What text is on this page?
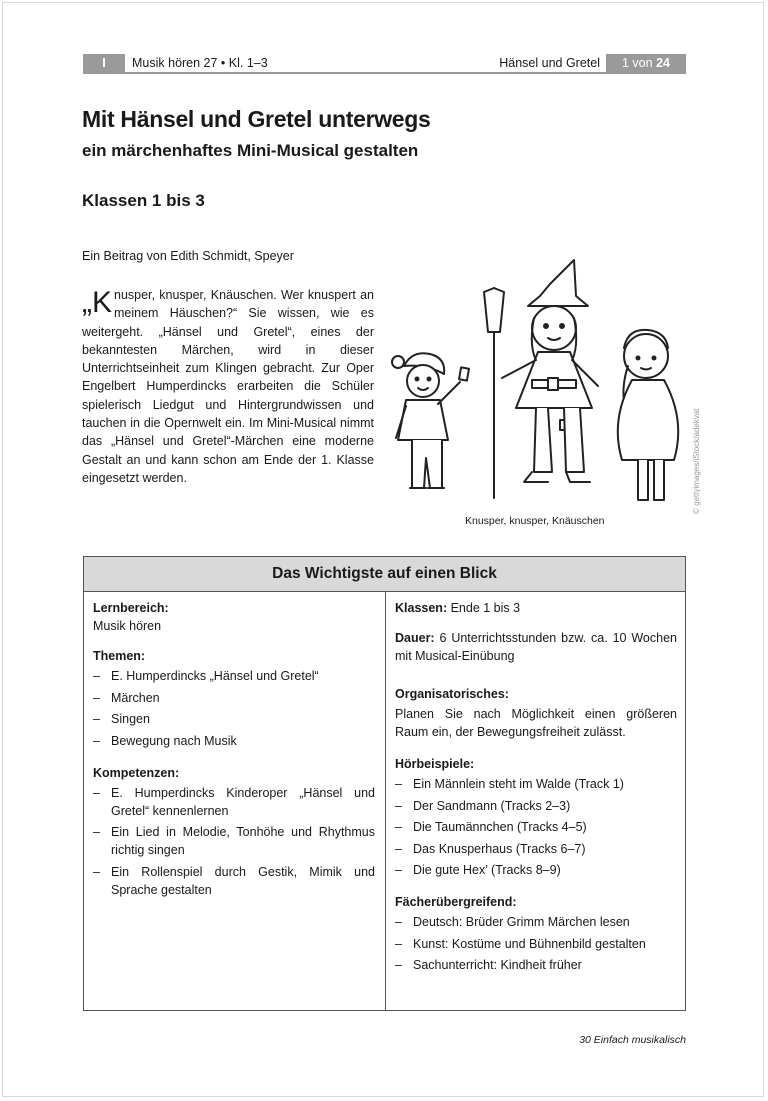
I	Musik hören 27 • Kl. 1–3	Hänsel und Gretel	1 von 24
Mit Hänsel und Gretel unterwegs
ein märchenhaftes Mini-Musical gestalten
Klassen 1 bis 3
Ein Beitrag von Edith Schmidt, Speyer
„Knusper, knusper, Knäuschen. Wer knuspert an meinem Häuschen?“ Sie wissen, wie es weitergeht. „Hänsel und Gretel“, eines der bekanntesten Märchen, wird in dieser Unterrichtseinheit zum Klingen gebracht. Zur Oper Engelbert Humperdincks erarbeiten die Schüler spielerisch Liedgut und Hintergrundwissen und tauchen in die Opernwelt ein. Im Mini-Musical nimmt das „Hänsel und Gretel“-Märchen eine moderne Gestalt an und kann schon am Ende der 1. Klasse eingesetzt werden.	© gettyimages/iStock/adekvat
Knusper, knusper, Knäuschen
Das Wichtigste auf einen Blick
Lernbereich:
Musik hören
Themen:
– E. Humperdincks „Hänsel und Gretel“
– Märchen
– Singen
– Bewegung nach Musik
Kompetenzen:
– E. Humperdincks Kinderoper „Hänsel und Gretel“ kennenlernen
– Ein Lied in Melodie, Tonhöhe und Rhythmus richtig singen
– Ein Rollenspiel durch Gestik, Mimik und Sprache gestalten
Klassen: Ende 1 bis 3
Dauer: 6 Unterrichtsstunden bzw. ca. 10 Wochen mit Musical-Einübung
Organisatorisches:
Planen Sie nach Möglichkeit einen größeren Raum ein, der Bewegungsfreiheit zulässt.
Hörbeispiele:
– Ein Männlein steht im Walde (Track 1)
– Der Sandmann (Tracks 2–3)
– Die Taumännchen (Tracks 4–5)
– Das Knusperhaus (Tracks 6–7)
– Die gute Hex’ (Tracks 8–9)
Fächerübergreifend:
– Deutsch: Brüder Grimm Märchen lesen
– Kunst: Kostüme und Bühnenbild gestalten
– Sachunterricht: Kindheit früher
30 Einfach musikalisch
